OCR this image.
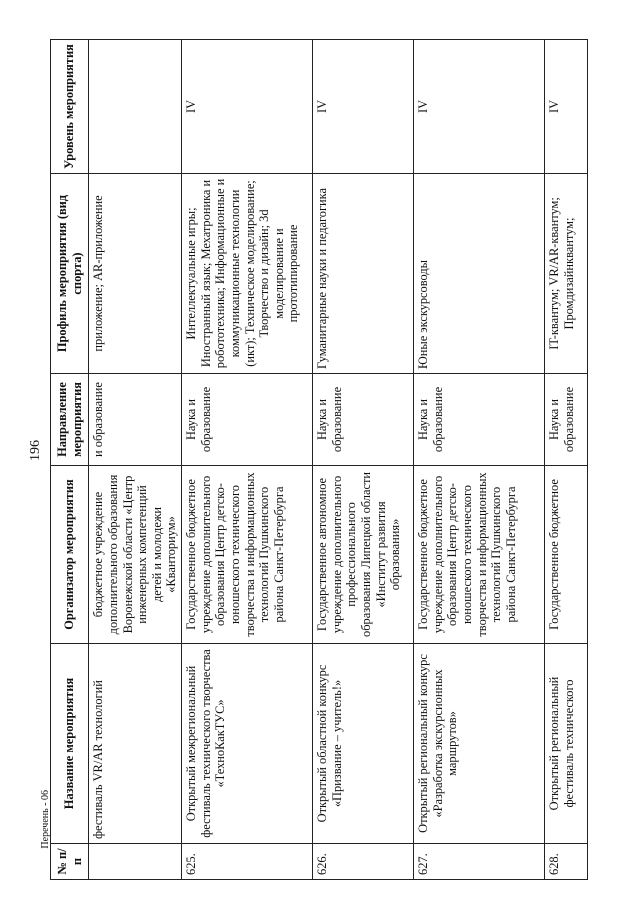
196
Перечень - 06
№ п/п	Название мероприятия	Организатор мероприятия	Направление мероприятия	Профиль мероприятия (вид спорта)	Уровень мероприятия
	фестиваль VR/AR технологий	бюджетное учреждение дополнительного образования Воронежской области «Центр инженерных компетенций детей и молодежи «Кванториум»	и образование	приложение; AR-приложение	
625.	Открытый межрегиональный фестиваль технического творчества «ТехноКакТУС»	Государственное бюджетное учреждение дополнительного образования Центр детско-юношеского технического творчества и информационных технологий Пушкинского района Санкт-Петербурга	Наука и образование	Интеллектуальные игры; Иностранный язык; Мехатроника и робототехника; Информационные и коммуникационные технологии (икт); Техническое моделирование; Творчество и дизайн; 3d моделирование и прототипирование	IV
626.	Открытый областной конкурс «Призвание – учитель!»	Государственное автономное учреждение дополнительного профессионального образования Липецкой области «Институт развития образования»	Наука и образование	Гуманитарные науки и педагогика	IV
627.	Открытый региональный конкурс «Разработка экскурсионных маршрутов»	Государственное бюджетное учреждение дополнительного образования Центр детско-юношеского технического творчества и информационных технологий Пушкинского района Санкт-Петербурга	Наука и образование	Юные экскурсоводы	IV
628.	Открытый региональный фестиваль технического	Государственное бюджетное	Наука и образование	IT-квантум; VR/AR-квантум; Промдизайнквантум;	IV
